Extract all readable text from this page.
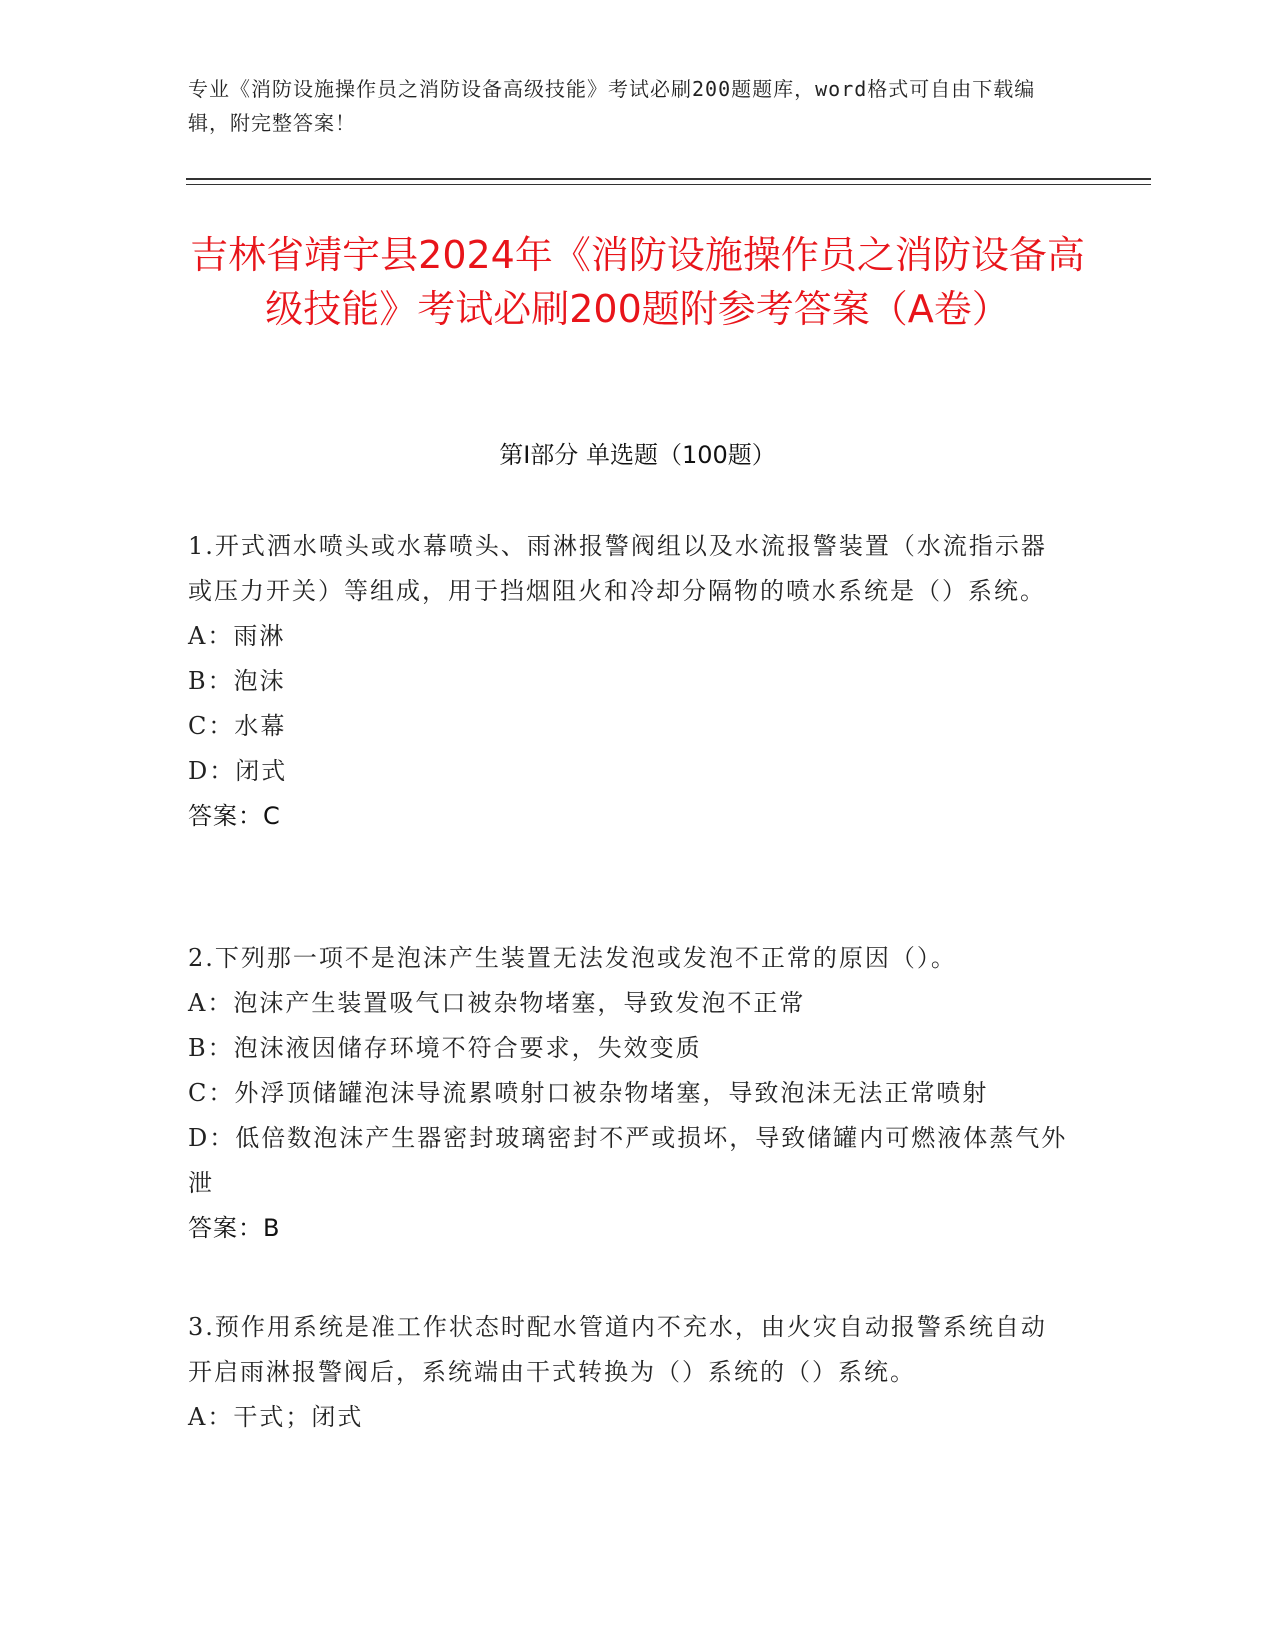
专业《消防设施操作员之消防设备高级技能》考试必刷200题题库，word格式可自由下载编辑，附完整答案！
吉林省靖宇县2024年《消防设施操作员之消防设备高级技能》考试必刷200题附参考答案（A卷）
第Ⅰ部分 单选题（100题）

1.开式洒水喷头或水幕喷头、雨淋报警阀组以及水流报警装置（水流指示器或压力开关）等组成，用于挡烟阻火和冷却分隔物的喷水系统是（）系统。

A：雨淋

B：泡沫

C：水幕

D：闭式

答案：C

2.下列那一项不是泡沫产生装置无法发泡或发泡不正常的原因（）。

A：泡沫产生装置吸气口被杂物堵塞，导致发泡不正常

B：泡沫液因储存环境不符合要求，失效变质

C：外浮顶储罐泡沫导流累喷射口被杂物堵塞，导致泡沫无法正常喷射

D：低倍数泡沫产生器密封玻璃密封不严或损坏，导致储罐内可燃液体蒸气外泄

答案：B

3.预作用系统是准工作状态时配水管道内不充水，由火灾自动报警系统自动开启雨淋报警阀后，系统端由干式转换为（）系统的（）系统。

A：干式；闭式
